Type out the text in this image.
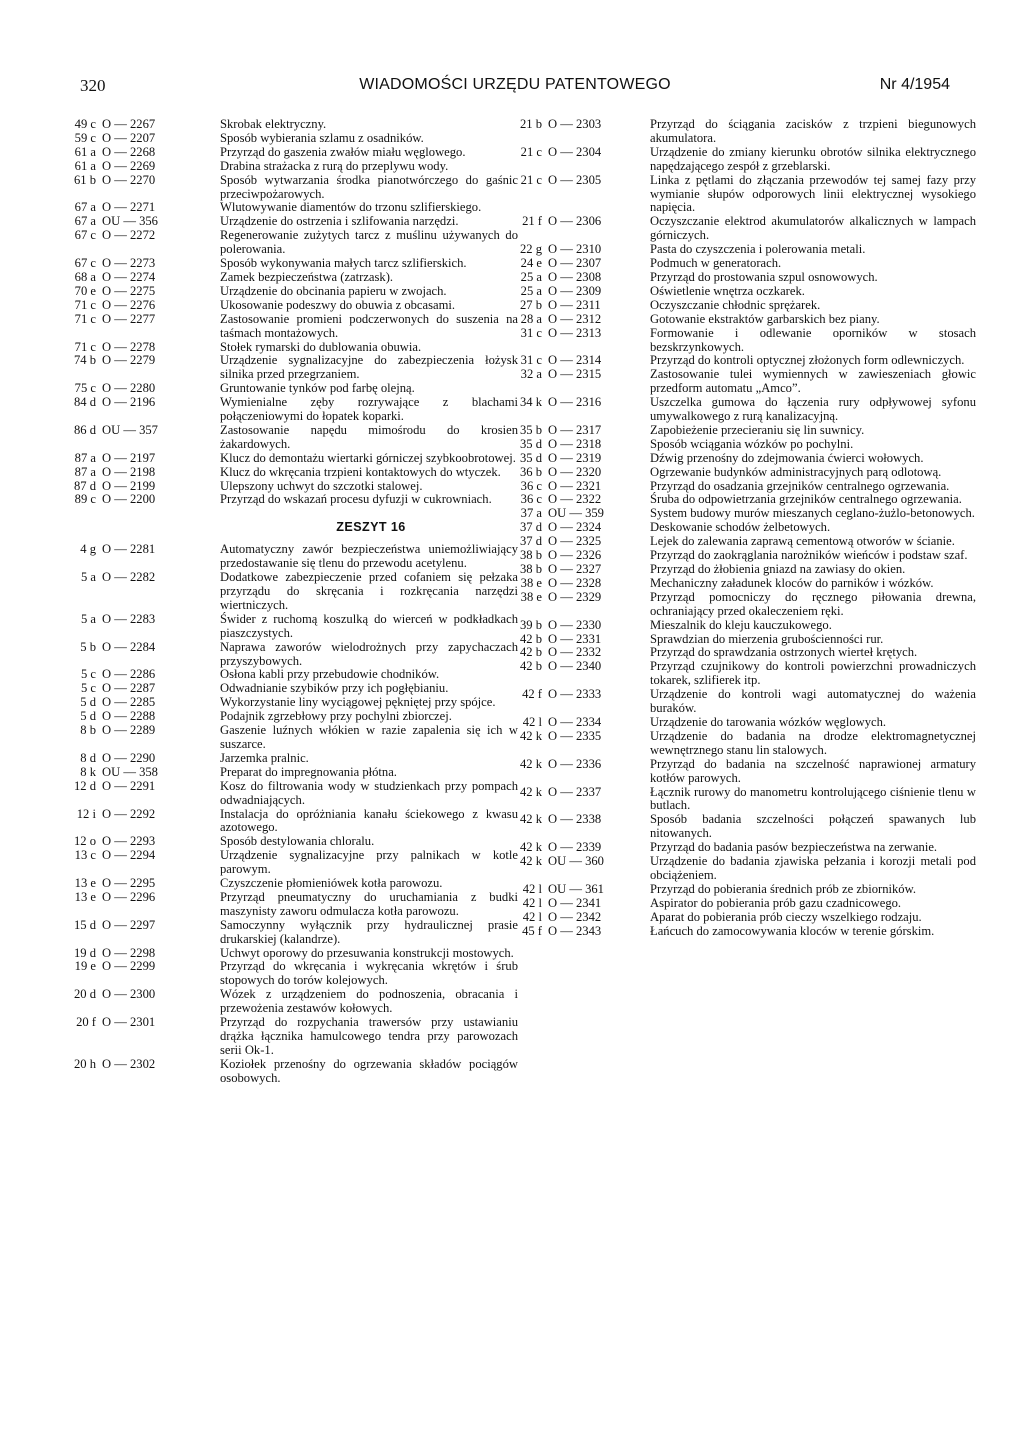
320	WIADOMOŚCI URZĘDU PATENTOWEGO	Nr 4/1954
49 c O — 2267	Skrobak elektryczny.
59 c O — 2207	Sposób wybierania szlamu z osadników.
61 a O — 2268	Przyrząd do gaszenia zwałów miału węglowego.
61 a O — 2269	Drabina strażacka z rurą do przeplywu wody.
61 b O — 2270	Sposób wytwarzania środka pianotwórczego do gaśnic przeciwpożarowych.
67 a O — 2271	Wlutowywanie diamentów do trzonu szlifierskiego.
67 a OU — 356	Urządzenie do ostrzenia i szlifowania narzędzi.
67 c O — 2272	Regenerowanie zużytych tarcz z muślinu używanych do polerowania.
67 c O — 2273	Sposób wykonywania małych tarcz szlifierskich.
68 a O — 2274	Zamek bezpieczeństwa (zatrzask).
70 e O — 2275	Urządzenie do obcinania papieru w zwojach.
71 c O — 2276	Ukosowanie podeszwy do obuwia z obcasami.
71 c O — 2277	Zastosowanie promieni podczerwonych do suszenia na taśmach montażowych.
71 c O — 2278	Stołek rymarski do dublowania obuwia.
74 b O — 2279	Urządzenie sygnalizacyjne do zabezpieczenia łożysk silnika przed przegrzaniem.
75 c O — 2280	Gruntowanie tynków pod farbę olejną.
84 d O — 2196	Wymienialne zęby rozrywające z blachami połączeniowymi do łopatek koparki.
86 d OU — 357	Zastosowanie napędu mimośrodu do krosien żakardowych.
87 a O — 2197	Klucz do demontażu wiertarki górniczej szybkoobrotowej.
87 a O — 2198	Klucz do wkręcania trzpieni kontaktowych do wtyczek.
87 d O — 2199	Ulepszony uchwyt do szczotki stalowej.
89 c O — 2200	Przyrząd do wskazań procesu dyfuzji w cukrowniach.
ZESZYT 16
4 g O — 2281	Automatyczny zawór bezpieczeństwa uniemożliwiający przedostawanie się tlenu do przewodu acetylenu.
5 a O — 2282	Dodatkowe zabezpieczenie przed cofaniem się pełzaka przyrządu do skręcania i rozkręcania narzędzi wiertniczych.
5 a O — 2283	Świder z ruchomą koszulką do wierceń w podkładkach piaszczystych.
5 b O — 2284	Naprawa zaworów wielodrożnych przy zapychaczach przyszybowych.
5 c O — 2286	Osłona kabli przy przebudowie chodników.
5 c O — 2287	Odwadnianie szybików przy ich pogłębianiu.
5 d O — 2285	Wykorzystanie liny wyciągowej pękniętej przy spójce.
5 d O — 2288	Podajnik zgrzebłowy przy pochylni zbiorczej.
8 b O — 2289	Gaszenie luźnych włókien w razie zapalenia się ich w suszarce.
8 d O — 2290	Jarzemka pralnic.
8 k OU — 358	Preparat do impregnowania płótna.
12 d O — 2291	Kosz do filtrowania wody w studzienkach przy pompach odwadniających.
12 i O — 2292	Instalacja do opróżniania kanału ściekowego z kwasu azotowego.
12 o O — 2293	Sposób destylowania chloralu.
13 c O — 2294	Urządzenie sygnalizacyjne przy palnikach w kotle parowym.
13 e O — 2295	Czyszczenie płomieniówek kotła parowozu.
13 e O — 2296	Przyrząd pneumatyczny do uruchamiania z budki maszynisty zaworu odmulacza kotła parowozu.
15 d O — 2297	Samoczynny wyłącznik przy hydraulicznej prasie drukarskiej (kalandrze).
19 d O — 2298	Uchwyt oporowy do przesuwania konstrukcji mostowych.
19 e O — 2299	Przyrząd do wkręcania i wykręcania wkrętów i śrub stopowych do torów kolejowych.
20 d O — 2300	Wózek z urządzeniem do podnoszenia, obracania i przewożenia zestawów kołowych.
20 f O — 2301	Przyrząd do rozpychania trawersów przy ustawianiu drążka łącznika hamulcowego tendra przy parowozach serii Ok-1.
20 h O — 2302	Koziołek przenośny do ogrzewania składów pociągów osobowych.
21 b O — 2303	Przyrząd do ściągania zacisków z trzpieni biegunowych akumulatora.
21 c O — 2304	Urządzenie do zmiany kierunku obrotów silnika elektrycznego napędzającego zespół z grzeblarski.
21 c O — 2305	Linka z pętlami do złączania przewodów tej samej fazy przy wymianie słupów odporowych linii elektrycznej wysokiego napięcia.
21 f O — 2306	Oczyszczanie elektrod akumulatorów alkalicznych w lampach górniczych.
22 g O — 2310	Pasta do czyszczenia i polerowania metali.
24 e O — 2307	Podmuch w generatorach.
25 a O — 2308	Przyrząd do prostowania szpul osnowowych.
25 a O — 2309	Oświetlenie wnętrza oczkarek.
27 b O — 2311	Oczyszczanie chłodnic sprężarek.
28 a O — 2312	Gotowanie ekstraktów garbarskich bez piany.
31 c O — 2313	Formowanie i odlewanie oporników w stosach bezskrzynkowych.
31 c O — 2314	Przyrząd do kontroli optycznej złożonych form odlewniczych.
32 a O — 2315	Zastosowanie tulei wymiennych w zawieszeniach głowic przedform automatu „Amco”.
34 k O — 2316	Uszczelka gumowa do łączenia rury odpływowej syfonu umywalkowego z rurą kanalizacyjną.
35 b O — 2317	Zapobieżenie przecieraniu się lin suwnicy.
35 d O — 2318	Sposób wciągania wózków po pochylni.
35 d O — 2319	Dźwig przenośny do zdejmowania ćwierci wołowych.
36 b O — 2320	Ogrzewanie budynków administracyjnych parą odlotową.
36 c O — 2321	Przyrząd do osadzania grzejników centralnego ogrzewania.
36 c O — 2322	Śruba do odpowietrzania grzejników centralnego ogrzewania.
37 a OU — 359	System budowy murów mieszanych ceglano-żużlo-betonowych.
37 d O — 2324	Deskowanie schodów żelbetowych.
37 d O — 2325	Lejek do zalewania zaprawą cementową otworów w ścianie.
38 b O — 2326	Przyrząd do zaokrąglania narożników wieńców i podstaw szaf.
38 b O — 2327	Przyrząd do żłobienia gniazd na zawiasy do okien.
38 e O — 2328	Mechaniczny załadunek kloców do parników i wózków.
38 e O — 2329	Przyrząd pomocniczy do ręcznego piłowania drewna, ochraniający przed okaleczeniem ręki.
39 b O — 2330	Mieszalnik do kleju kauczukowego.
42 b O — 2331	Sprawdzian do mierzenia grubościenności rur.
42 b O — 2332	Przyrząd do sprawdzania ostrzonych wierteł krętych.
42 b O — 2340	Przyrząd czujnikowy do kontroli powierzchni prowadniczych tokarek, szlifierek itp.
42 f O — 2333	Urządzenie do kontroli wagi automatycznej do ważenia buraków.
42 l O — 2334	Urządzenie do tarowania wózków węglowych.
42 k O — 2335	Urządzenie do badania na drodze elektromagnetycznej wewnętrznego stanu lin stalowych.
42 k O — 2336	Przyrząd do badania na szczelność naprawionej armatury kotłów parowych.
42 k O — 2337	Łącznik rurowy do manometru kontrolującego ciśnienie tlenu w butlach.
42 k O — 2338	Sposób badania szczelności połączeń spawanych lub nitowanych.
42 k O — 2339	Przyrząd do badania pasów bezpieczeństwa na zerwanie.
42 k OU — 360	Urządzenie do badania zjawiska pełzania i korozji metali pod obciążeniem.
42 l OU — 361	Przyrząd do pobierania średnich prób ze zbiorników.
42 l O — 2341	Aspirator do pobierania prób gazu czadnicowego.
42 l O — 2342	Aparat do pobierania prób cieczy wszelkiego rodzaju.
45 f O — 2343	Łańcuch do zamocowywania kloców w terenie górskim.
